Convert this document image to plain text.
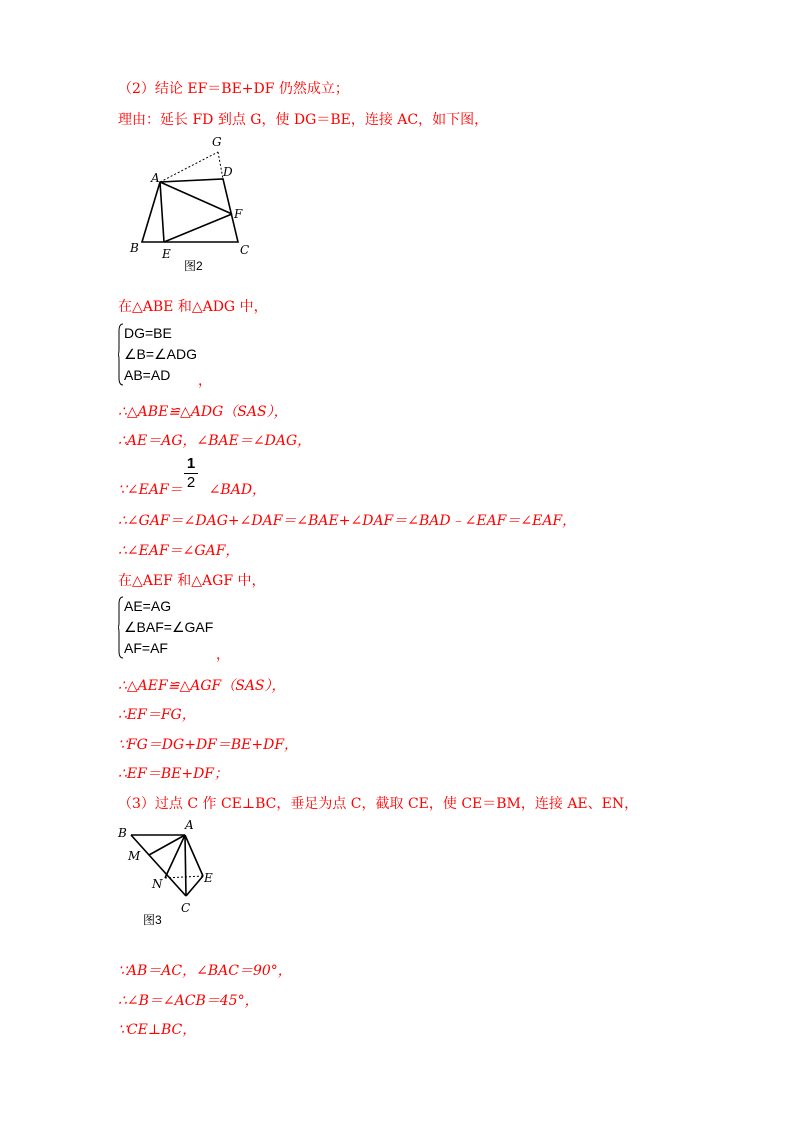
（2）结论 EF＝BE+DF 仍然成立；
理由：延长 FD 到点 G，使 DG＝BE，连接 AC，如下图，
G
A	D
F
B E	C
图2
在△ABE 和△ADG 中，
DG=BE
∠B=∠ADG
AB=AD	，
∴△ABE≌△ADG（SAS），
∴AE＝AG，∠BAE＝∠DAG，
∵∠EAF＝ ∠BAD，
1
2
∴∠GAF＝∠DAG+∠DAF＝∠BAE+∠DAF＝∠BAD﹣∠EAF＝∠EAF，
∴∠EAF＝∠GAF，
在△AEF 和△AGF 中，
AE=AG
∠BAF=∠GAF
AF=AF	，
∴△AEF≌△AGF（SAS），
∴EF＝FG，
∵FG＝DG+DF＝BE+DF，
∴EF＝BE+DF；
（3）过点 C 作 CE⊥BC，垂足为点 C，截取 CE，使 CE＝BM，连接 AE、EN，
B
A
M
N	E
C
图3
∵AB＝AC，∠BAC＝90°，
∴∠B＝∠ACB＝45°，
∵CE⊥BC，
